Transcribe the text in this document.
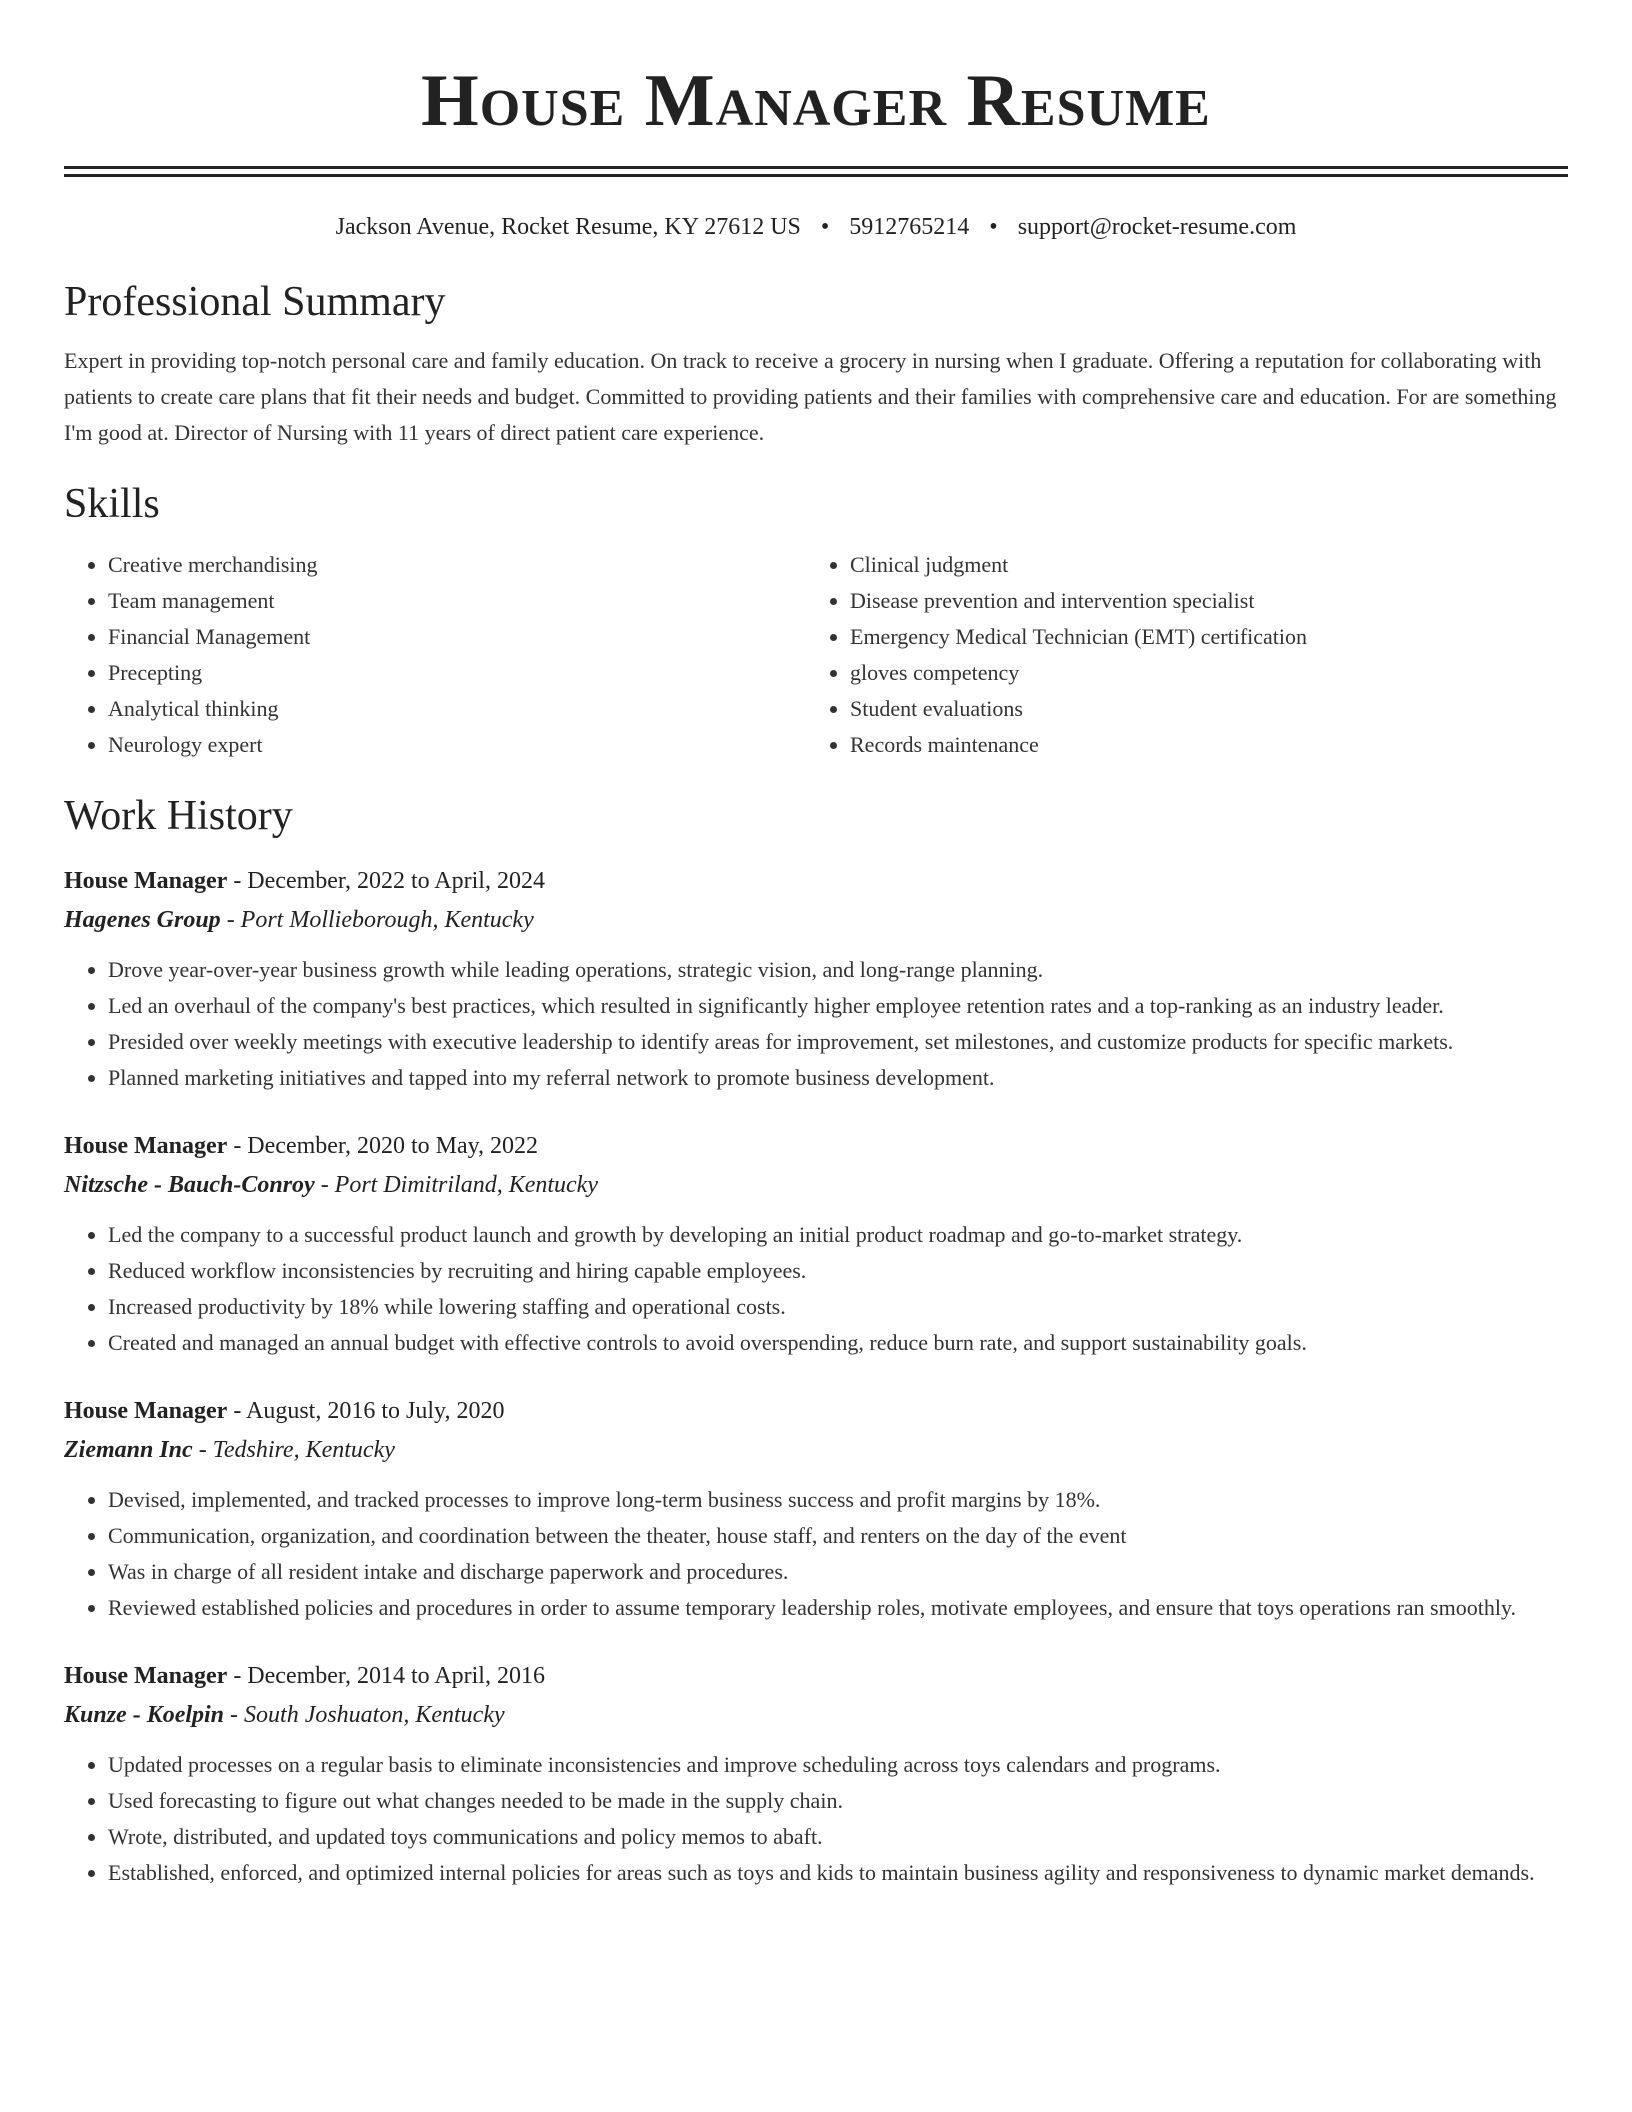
House Manager Resume
Jackson Avenue, Rocket Resume, KY 27612 US • 5912765214 • support@rocket-resume.com
Professional Summary

Expert in providing top-notch personal care and family education. On track to receive a grocery in nursing when I graduate. Offering a reputation for collaborating with patients to create care plans that fit their needs and budget. Committed to providing patients and their families with comprehensive care and education. For are something I'm good at. Director of Nursing with 11 years of direct patient care experience.

Skills
• Creative merchandising
• Team management
• Financial Management
• Precepting
• Analytical thinking
• Neurology expert
• Clinical judgment
• Disease prevention and intervention specialist
• Emergency Medical Technician (EMT) certification
• gloves competency
• Student evaluations
• Records maintenance
Work History
House Manager - December, 2022 to April, 2024
Hagenes Group - Port Mollieborough, Kentucky
• Drove year-over-year business growth while leading operations, strategic vision, and long-range planning.
• Led an overhaul of the company's best practices, which resulted in significantly higher employee retention rates and a top-ranking as an industry leader.
• Presided over weekly meetings with executive leadership to identify areas for improvement, set milestones, and customize products for specific markets.
• Planned marketing initiatives and tapped into my referral network to promote business development.
House Manager - December, 2020 to May, 2022
Nitzsche - Bauch-Conroy - Port Dimitriland, Kentucky
• Led the company to a successful product launch and growth by developing an initial product roadmap and go-to-market strategy.
• Reduced workflow inconsistencies by recruiting and hiring capable employees.
• Increased productivity by 18% while lowering staffing and operational costs.
• Created and managed an annual budget with effective controls to avoid overspending, reduce burn rate, and support sustainability goals.
House Manager - August, 2016 to July, 2020
Ziemann Inc - Tedshire, Kentucky
• Devised, implemented, and tracked processes to improve long-term business success and profit margins by 18%.
• Communication, organization, and coordination between the theater, house staff, and renters on the day of the event
• Was in charge of all resident intake and discharge paperwork and procedures.
• Reviewed established policies and procedures in order to assume temporary leadership roles, motivate employees, and ensure that toys operations ran smoothly.
House Manager - December, 2014 to April, 2016
Kunze - Koelpin - South Joshuaton, Kentucky
• Updated processes on a regular basis to eliminate inconsistencies and improve scheduling across toys calendars and programs.
• Used forecasting to figure out what changes needed to be made in the supply chain.
• Wrote, distributed, and updated toys communications and policy memos to abaft.
• Established, enforced, and optimized internal policies for areas such as toys and kids to maintain business agility and responsiveness to dynamic market demands.
